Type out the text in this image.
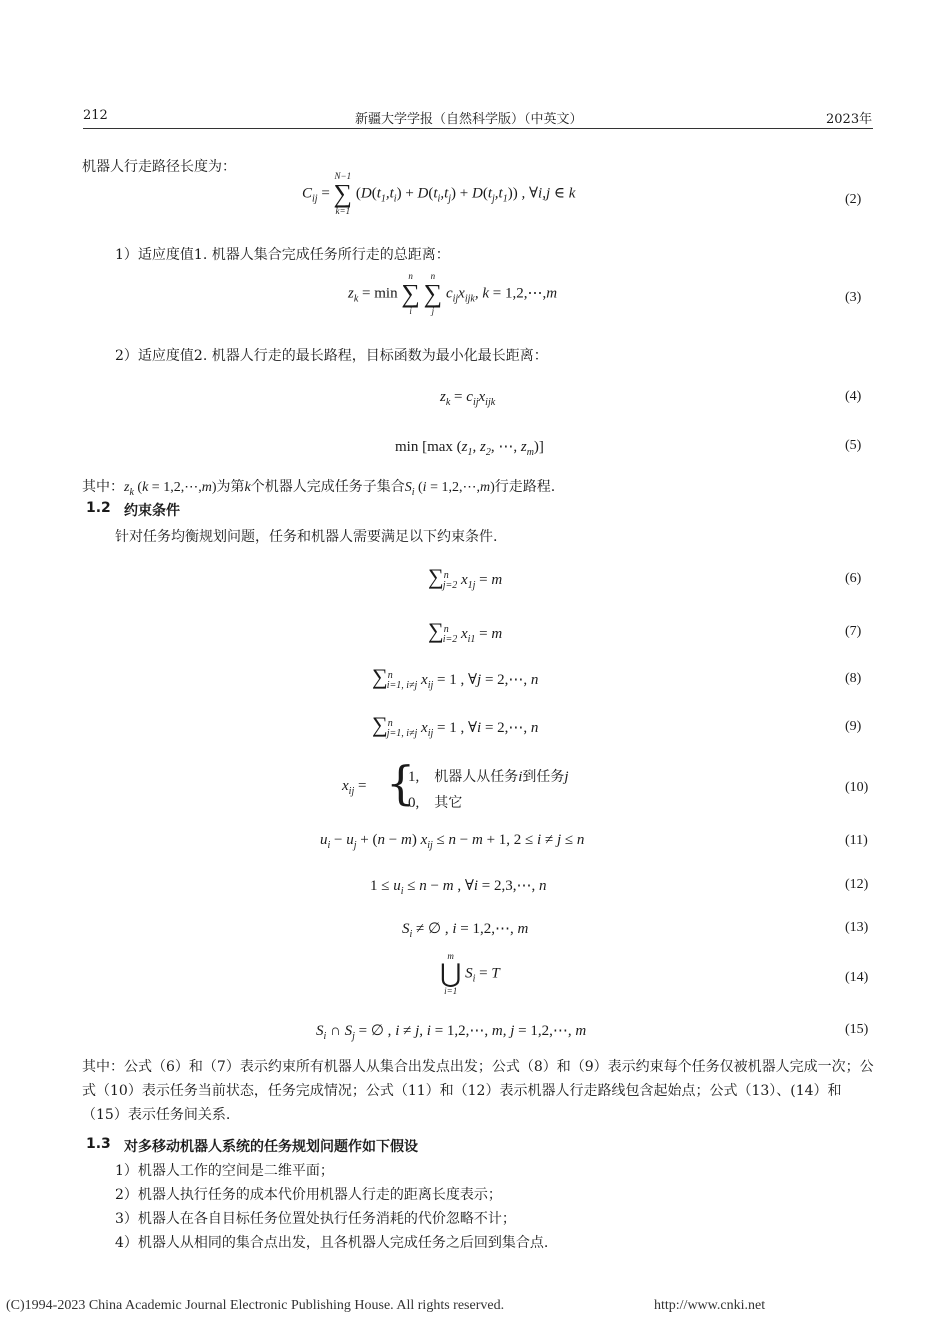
212	新疆大学学报（自然科学版）（中英文）	2023年
机器人行走路径长度为：
$C_{ij}$ =
N−1
∑
k=1
$(D(t_1,t_i) + D(t_i,t_j) + D(t_j,t_1))$ , ∀i,j ∈ k	(2)
1）适应度值1. 机器人集合完成任务所行走的总距离：
$z_k = \min$
n
∑
i

n
∑
j
$c_{ij}x_{ijk}$, k = 1,2,⋯,m	(3)
2）适应度值2. 机器人行走的最长路程，目标函数为最小化最长距离：
$z_k = c_{ij}x_{ijk}$	(4)
min [max ($z_1$, $z_2$, ⋯, $z_m$)]	(5)
其中：$z_k$ (k = 1,2,⋯,m)为第k个机器人完成任务子集合$S_i$ (i = 1,2,⋯,m)行走路程.
1.2 约束条件
针对任务均衡规划问题，任务和机器人需要满足以下约束条件.
∑$^n_{j=2}$ $x_{1j} = m$	(6)
∑$^n_{i=2}$ $x_{i1} = m$	(7)
∑$^n_{i=1, i\ne j}$ $x_{ij} = 1$ , ∀j = 2,⋯, n	(8)
∑$^n_{j=1, i\ne j}$ $x_{ij} = 1$ , ∀i = 2,⋯, n	(9)
$x_{ij}$ = {
1,    机器人从任务i到任务j
0,    其它
(10)
$u_i - u_j + (n - m) x_{ij} \le n - m + 1$, 2 ≤ i ≠ j ≤ n	(11)
$1 \le u_i \le n - m$ , ∀i = 2,3,⋯, n	(12)
$S_i$ ≠ ∅ , i = 1,2,⋯, m	(13)
m
⋃
i=1
$S_i = T$	(14)
$S_i$ ∩ $S_j$ = ∅ , i ≠ j, i = 1,2,⋯, m, j = 1,2,⋯, m	(15)
其中：公式（6）和（7）表示约束所有机器人从集合出发点出发；公式（8）和（9）表示约束每个任务仅被机器人完成一次；公式（10）表示任务当前状态，任务完成情况；公式（11）和（12）表示机器人行走路线包含起始点；公式（13）、(14）和（15）表示任务间关系.
1.3 对多移动机器人系统的任务规划问题作如下假设
1）机器人工作的空间是二维平面；
2）机器人执行任务的成本代价用机器人行走的距离长度表示；
3）机器人在各自目标任务位置处执行任务消耗的代价忽略不计；
4）机器人从相同的集合点出发，且各机器人完成任务之后回到集合点.
(C)1994-2023 China Academic Journal Electronic Publishing House. All rights reserved.	http://www.cnki.net
